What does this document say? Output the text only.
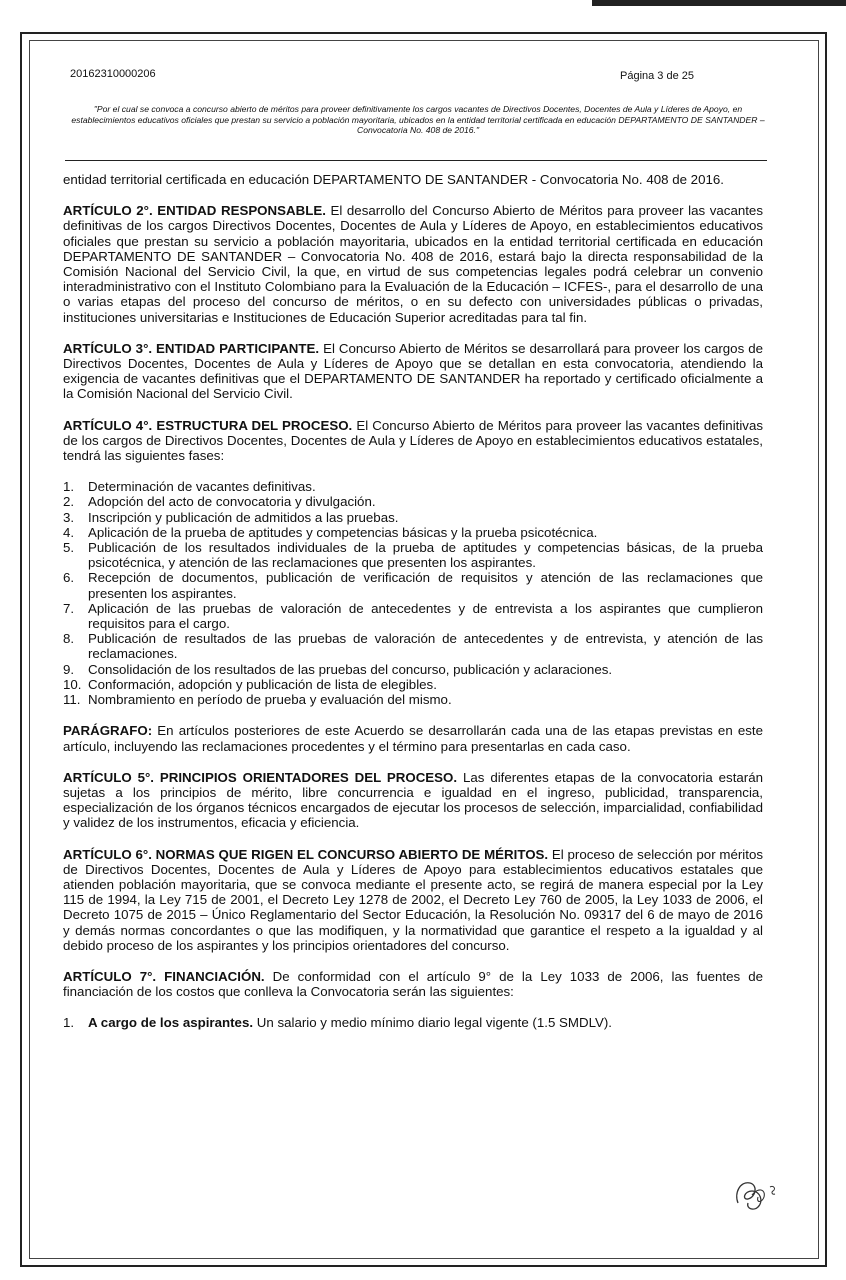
20162310000206	Página 3 de 25
"Por el cual se convoca a concurso abierto de méritos para proveer definitivamente los cargos vacantes de Directivos Docentes, Docentes de Aula y Líderes de Apoyo, en establecimientos educativos oficiales que prestan su servicio a población mayoritaria, ubicados en la entidad territorial certificada en educación DEPARTAMENTO DE SANTANDER – Convocatoria No. 408 de 2016."

entidad territorial certificada en educación DEPARTAMENTO DE SANTANDER - Convocatoria No. 408 de 2016.

ARTÍCULO 2°. ENTIDAD RESPONSABLE. El desarrollo del Concurso Abierto de Méritos para proveer las vacantes definitivas de los cargos Directivos Docentes, Docentes de Aula y Líderes de Apoyo, en establecimientos educativos oficiales que prestan su servicio a población mayoritaria, ubicados en la entidad territorial certificada en educación DEPARTAMENTO DE SANTANDER – Convocatoria No. 408 de 2016, estará bajo la directa responsabilidad de la Comisión Nacional del Servicio Civil, la que, en virtud de sus competencias legales podrá celebrar un convenio interadministrativo con el Instituto Colombiano para la Evaluación de la Educación – ICFES-, para el desarrollo de una o varias etapas del proceso del concurso de méritos, o en su defecto con universidades públicas o privadas, instituciones universitarias e Instituciones de Educación Superior acreditadas para tal fin.

ARTÍCULO 3°. ENTIDAD PARTICIPANTE. El Concurso Abierto de Méritos se desarrollará para proveer los cargos de Directivos Docentes, Docentes de Aula y Líderes de Apoyo que se detallan en esta convocatoria, atendiendo la exigencia de vacantes definitivas que el DEPARTAMENTO DE SANTANDER ha reportado y certificado oficialmente a la Comisión Nacional del Servicio Civil.

ARTÍCULO 4°. ESTRUCTURA DEL PROCESO. El Concurso Abierto de Méritos para proveer las vacantes definitivas de los cargos de Directivos Docentes, Docentes de Aula y Líderes de Apoyo en establecimientos educativos estatales, tendrá las siguientes fases:

1. Determinación de vacantes definitivas.
2. Adopción del acto de convocatoria y divulgación.
3. Inscripción y publicación de admitidos a las pruebas.
4. Aplicación de la prueba de aptitudes y competencias básicas y la prueba psicotécnica.
5. Publicación de los resultados individuales de la prueba de aptitudes y competencias básicas, de la prueba psicotécnica, y atención de las reclamaciones que presenten los aspirantes.
6. Recepción de documentos, publicación de verificación de requisitos y atención de las reclamaciones que presenten los aspirantes.
7. Aplicación de las pruebas de valoración de antecedentes y de entrevista a los aspirantes que cumplieron requisitos para el cargo.
8. Publicación de resultados de las pruebas de valoración de antecedentes y de entrevista, y atención de las reclamaciones.
9. Consolidación de los resultados de las pruebas del concurso, publicación y aclaraciones.
10. Conformación, adopción y publicación de lista de elegibles.
11. Nombramiento en período de prueba y evaluación del mismo.

PARÁGRAFO: En artículos posteriores de este Acuerdo se desarrollarán cada una de las etapas previstas en este artículo, incluyendo las reclamaciones procedentes y el término para presentarlas en cada caso.

ARTÍCULO 5°. PRINCIPIOS ORIENTADORES DEL PROCESO. Las diferentes etapas de la convocatoria estarán sujetas a los principios de mérito, libre concurrencia e igualdad en el ingreso, publicidad, transparencia, especialización de los órganos técnicos encargados de ejecutar los procesos de selección, imparcialidad, confiabilidad y validez de los instrumentos, eficacia y eficiencia.

ARTÍCULO 6°. NORMAS QUE RIGEN EL CONCURSO ABIERTO DE MÉRITOS. El proceso de selección por méritos de Directivos Docentes, Docentes de Aula y Líderes de Apoyo para establecimientos educativos estatales que atienden población mayoritaria, que se convoca mediante el presente acto, se regirá de manera especial por la Ley 115 de 1994, la Ley 715 de 2001, el Decreto Ley 1278 de 2002, el Decreto Ley 760 de 2005, la Ley 1033 de 2006, el Decreto 1075 de 2015 – Único Reglamentario del Sector Educación, la Resolución No. 09317 del 6 de mayo de 2016 y demás normas concordantes o que las modifiquen, y la normatividad que garantice el respeto a la igualdad y al debido proceso de los aspirantes y los principios orientadores del concurso.

ARTÍCULO 7°. FINANCIACIÓN. De conformidad con el artículo 9° de la Ley 1033 de 2006, las fuentes de financiación de los costos que conlleva la Convocatoria serán las siguientes:

1. A cargo de los aspirantes. Un salario y medio mínimo diario legal vigente (1.5 SMDLV).
